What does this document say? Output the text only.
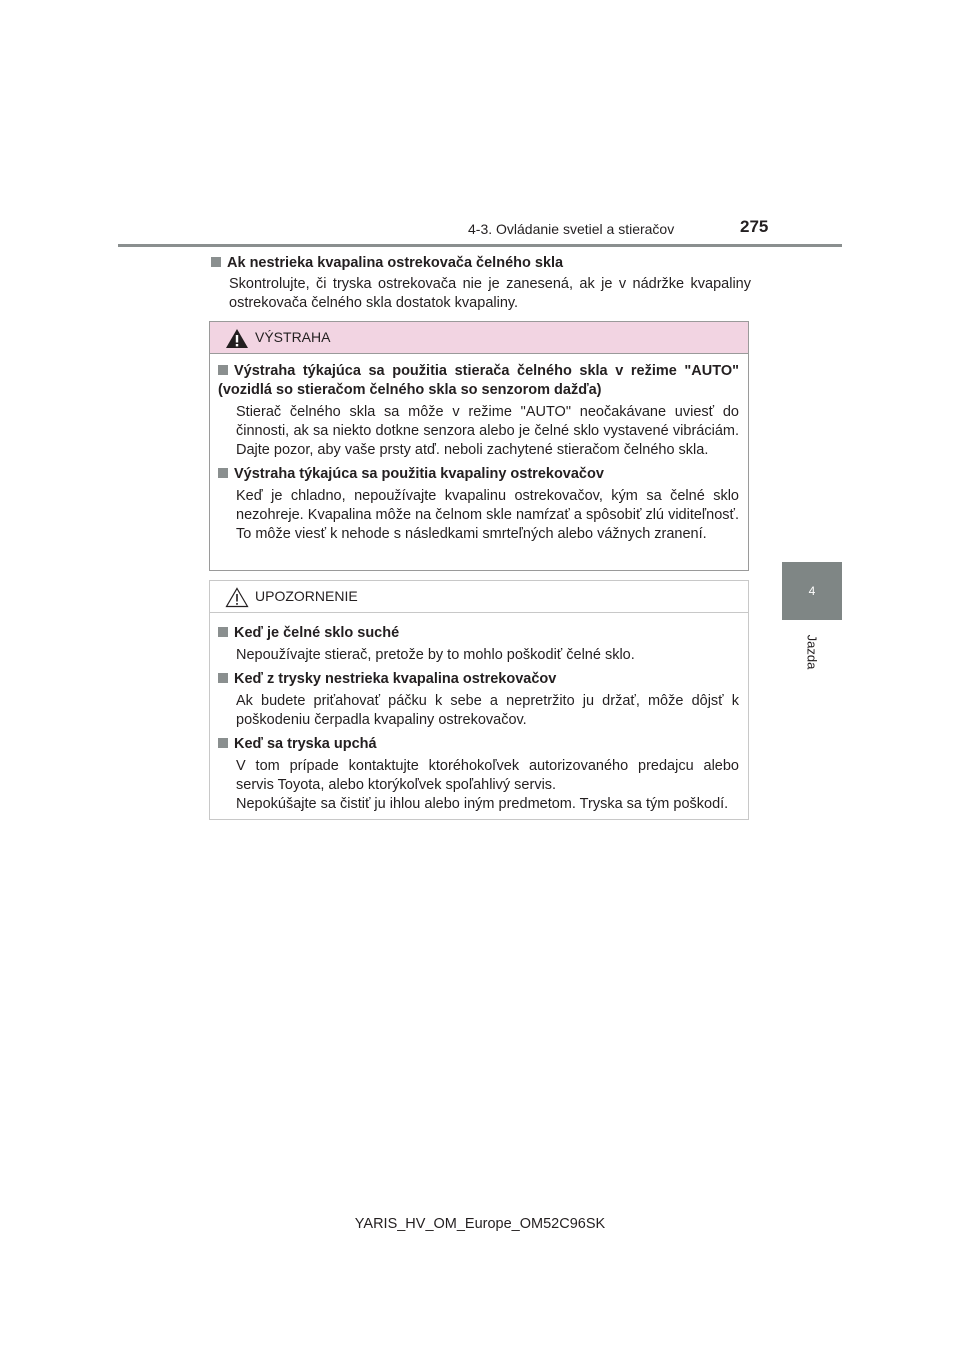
4-3. Ovládanie svetiel a stieračov	275
4
Jazda
Ak nestrieka kvapalina ostrekovača čelného skla
Skontrolujte, či tryska ostrekovača nie je zanesená, ak je v nádržke kvapaliny ostrekovača čelného skla dostatok kvapaliny.
VÝSTRAHA
Výstraha týkajúca sa použitia stierača čelného skla v režime "AUTO" (vozidlá so stieračom čelného skla so senzorom dažďa)
Stierač čelného skla sa môže v režime "AUTO" neočakávane uviesť do činnosti, ak sa niekto dotkne senzora alebo je čelné sklo vystavené vibráciám. Dajte pozor, aby vaše prsty atď. neboli zachytené stieračom čelného skla.
Výstraha týkajúca sa použitia kvapaliny ostrekovačov
Keď je chladno, nepoužívajte kvapalinu ostrekovačov, kým sa čelné sklo nezohreje. Kvapalina môže na čelnom skle namŕzať a spôsobiť zlú viditeľnosť. To môže viesť k nehode s následkami smrteľných alebo vážnych zranení.
UPOZORNENIE
Keď je čelné sklo suché
Nepoužívajte stierač, pretože by to mohlo poškodiť čelné sklo.
Keď z trysky nestrieka kvapalina ostrekovačov
Ak budete priťahovať páčku k sebe a nepretržito ju držať, môže dôjsť k poškodeniu čerpadla kvapaliny ostrekovačov.
Keď sa tryska upchá
V tom prípade kontaktujte ktoréhokoľvek autorizovaného predajcu alebo servis Toyota, alebo ktorýkoľvek spoľahlivý servis.
Nepokúšajte sa čistiť ju ihlou alebo iným predmetom. Tryska sa tým poškodí.
YARIS_HV_OM_Europe_OM52C96SK
